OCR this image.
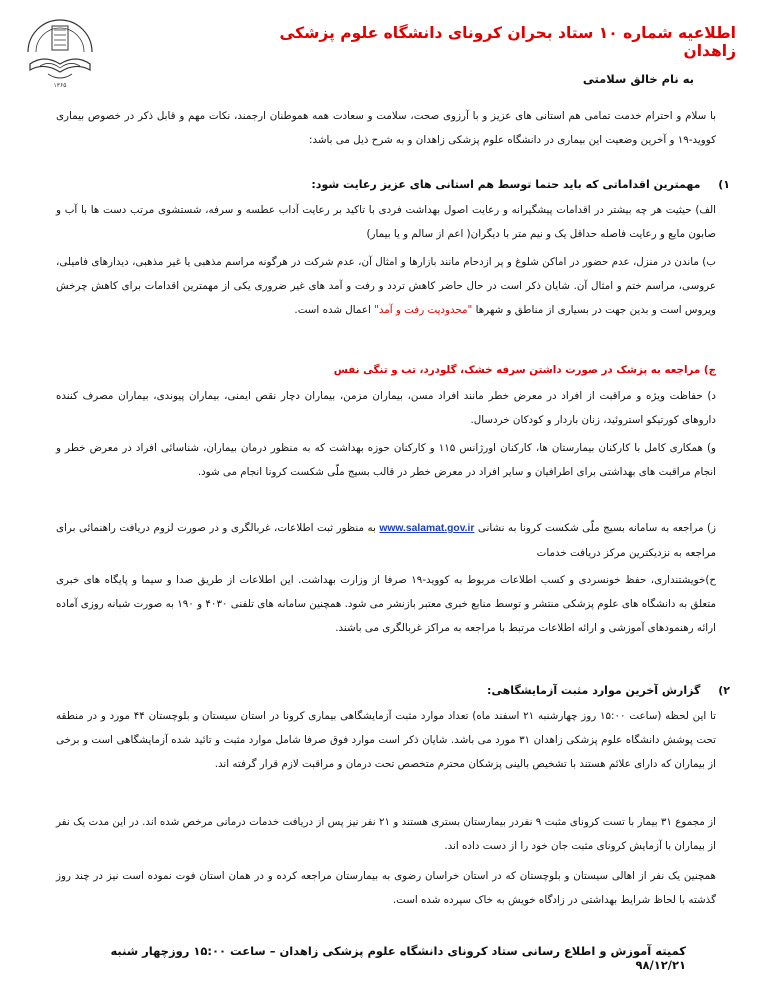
۱۳۶۵
اطلاعیه شماره ۱۰ ستاد بحران کرونای دانشگاه علوم پزشکی زاهدان
به نام خالق سلامتی
با سلام و احترام خدمت تمامی هم استانی های عزیز و با آرزوی صحت، سلامت و سعادت همه هموطنان ارجمند، نکات مهم و قابل ذکر در خصوص بیماری کووید-۱۹ و آخرین وضعیت این بیماری در دانشگاه علوم پزشکی زاهدان و به شرح ذیل می باشد:
۱) مهمترین اقداماتی که باید حتما توسط هم استانی های عزیز رعایت شود:
الف) حیثیت هر چه بیشتر در اقدامات پیشگیرانه و رعایت اصول بهداشت فردی با تاکید بر رعایت آداب عطسه و سرفه، شستشوی مرتب دست ها با آب و صابون مایع و رعایت فاصله حداقل یک و نیم متر با دیگران( اعم از سالم و یا بیمار)
ب) ماندن در منزل، عدم حضور در اماکن شلوغ و پر ازدحام مانند بازارها و امثال آن، عدم شرکت در هرگونه مراسم مذهبی یا غیر مذهبی، دیدارهای فامیلی، عروسی، مراسم ختم و امثال آن. شایان ذکر است در حال حاضر کاهش تردد و رفت و آمد های غیر ضروری یکی از مهمترین اقدامات برای کاهش چرخش ویروس است و بدین جهت در بسیاری از مناطق و شهرها "محدودیت رفت و آمد" اعمال شده است.
ج) مراجعه به پزشک در صورت داشتن سرفه خشک، گلودرد، تب و تنگی نفس
د) حفاظت ویژه و مراقبت از افراد در معرض خطر مانند افراد مسن، بیماران مزمن، بیماران دچار نقص ایمنی، بیماران پیوندی، بیماران مصرف کننده داروهای کورتیکو استروئید، زنان باردار و کودکان خردسال.
و) همکاری کامل با کارکنان بیمارستان ها، کارکنان اورژانس ۱۱۵ و کارکنان حوزه بهداشت که به منظور درمان بیماران، شناسائی افراد در معرض خطر و انجام مراقبت های بهداشتی برای اطرافیان و سایر افراد در معرض خطر در قالب بسیج ملّی شکست کرونا انجام می شود.
ز) مراجعه به سامانه بسیج ملّی شکست کرونا به نشانی www.salamat.gov.ir به منظور ثبت اطلاعات، غربالگری و در صورت لزوم دریافت راهنمائی برای مراجعه به نزدیکترین مرکز دریافت خدمات
ح)خویشتنداری، حفظ خونسردی و کسب اطلاعات مربوط به کووید-۱۹ صرفا از وزارت بهداشت. این اطلاعات از طریق صدا و سیما و پایگاه های خبری متعلق به دانشگاه های علوم پزشکی منتشر و توسط منابع خبری معتبر بازنشر می شود. همچنین سامانه های تلفنی ۴۰۳۰ و ۱۹۰ به صورت شبانه روزی آماده ارائه رهنمودهای آموزشی و ارائه اطلاعات مرتبط با مراجعه به مراکز غربالگری می باشند.
۲) گزارش آخرین موارد مثبت آزمایشگاهی:
تا این لحظه (ساعت ۱۵:۰۰ روز چهارشنبه ۲۱ اسفند ماه) تعداد موارد مثبت آزمایشگاهی بیماری کرونا در استان سیستان و بلوچستان ۴۴ مورد و در منطقه تحت پوشش دانشگاه علوم پزشکی زاهدان ۳۱ مورد می باشد. شایان ذکر است موارد فوق صرفا شامل موارد مثبت و تائید شده آزمایشگاهی است و برخی از بیماران که دارای علائم هستند با تشخیص بالینی پزشکان محترم متخصص تحت درمان و مراقبت لازم قرار گرفته اند.
از مجموع ۳۱ بیمار با تست کرونای مثبت ۹ نفردر بیمارستان بستری هستند و ۲۱ نفر نیز پس از دریافت خدمات درمانی مرخص شده اند. در این مدت یک نفر از بیماران با آزمایش کرونای مثبت جان خود را از دست داده اند.
همچنین یک نفر از اهالی سیستان و بلوچستان که در استان خراسان رضوی به بیمارستان مراجعه کرده و در همان استان فوت نموده است نیز در چند روز گذشته با لحاظ شرایط بهداشتی در زادگاه خویش به خاک سپرده شده است.
کمیته آموزش و اطلاع رسانی ستاد کرونای دانشگاه علوم پزشکی زاهدان – ساعت ۱۵:۰۰ روزچهار شنبه ۹۸/۱۲/۲۱
